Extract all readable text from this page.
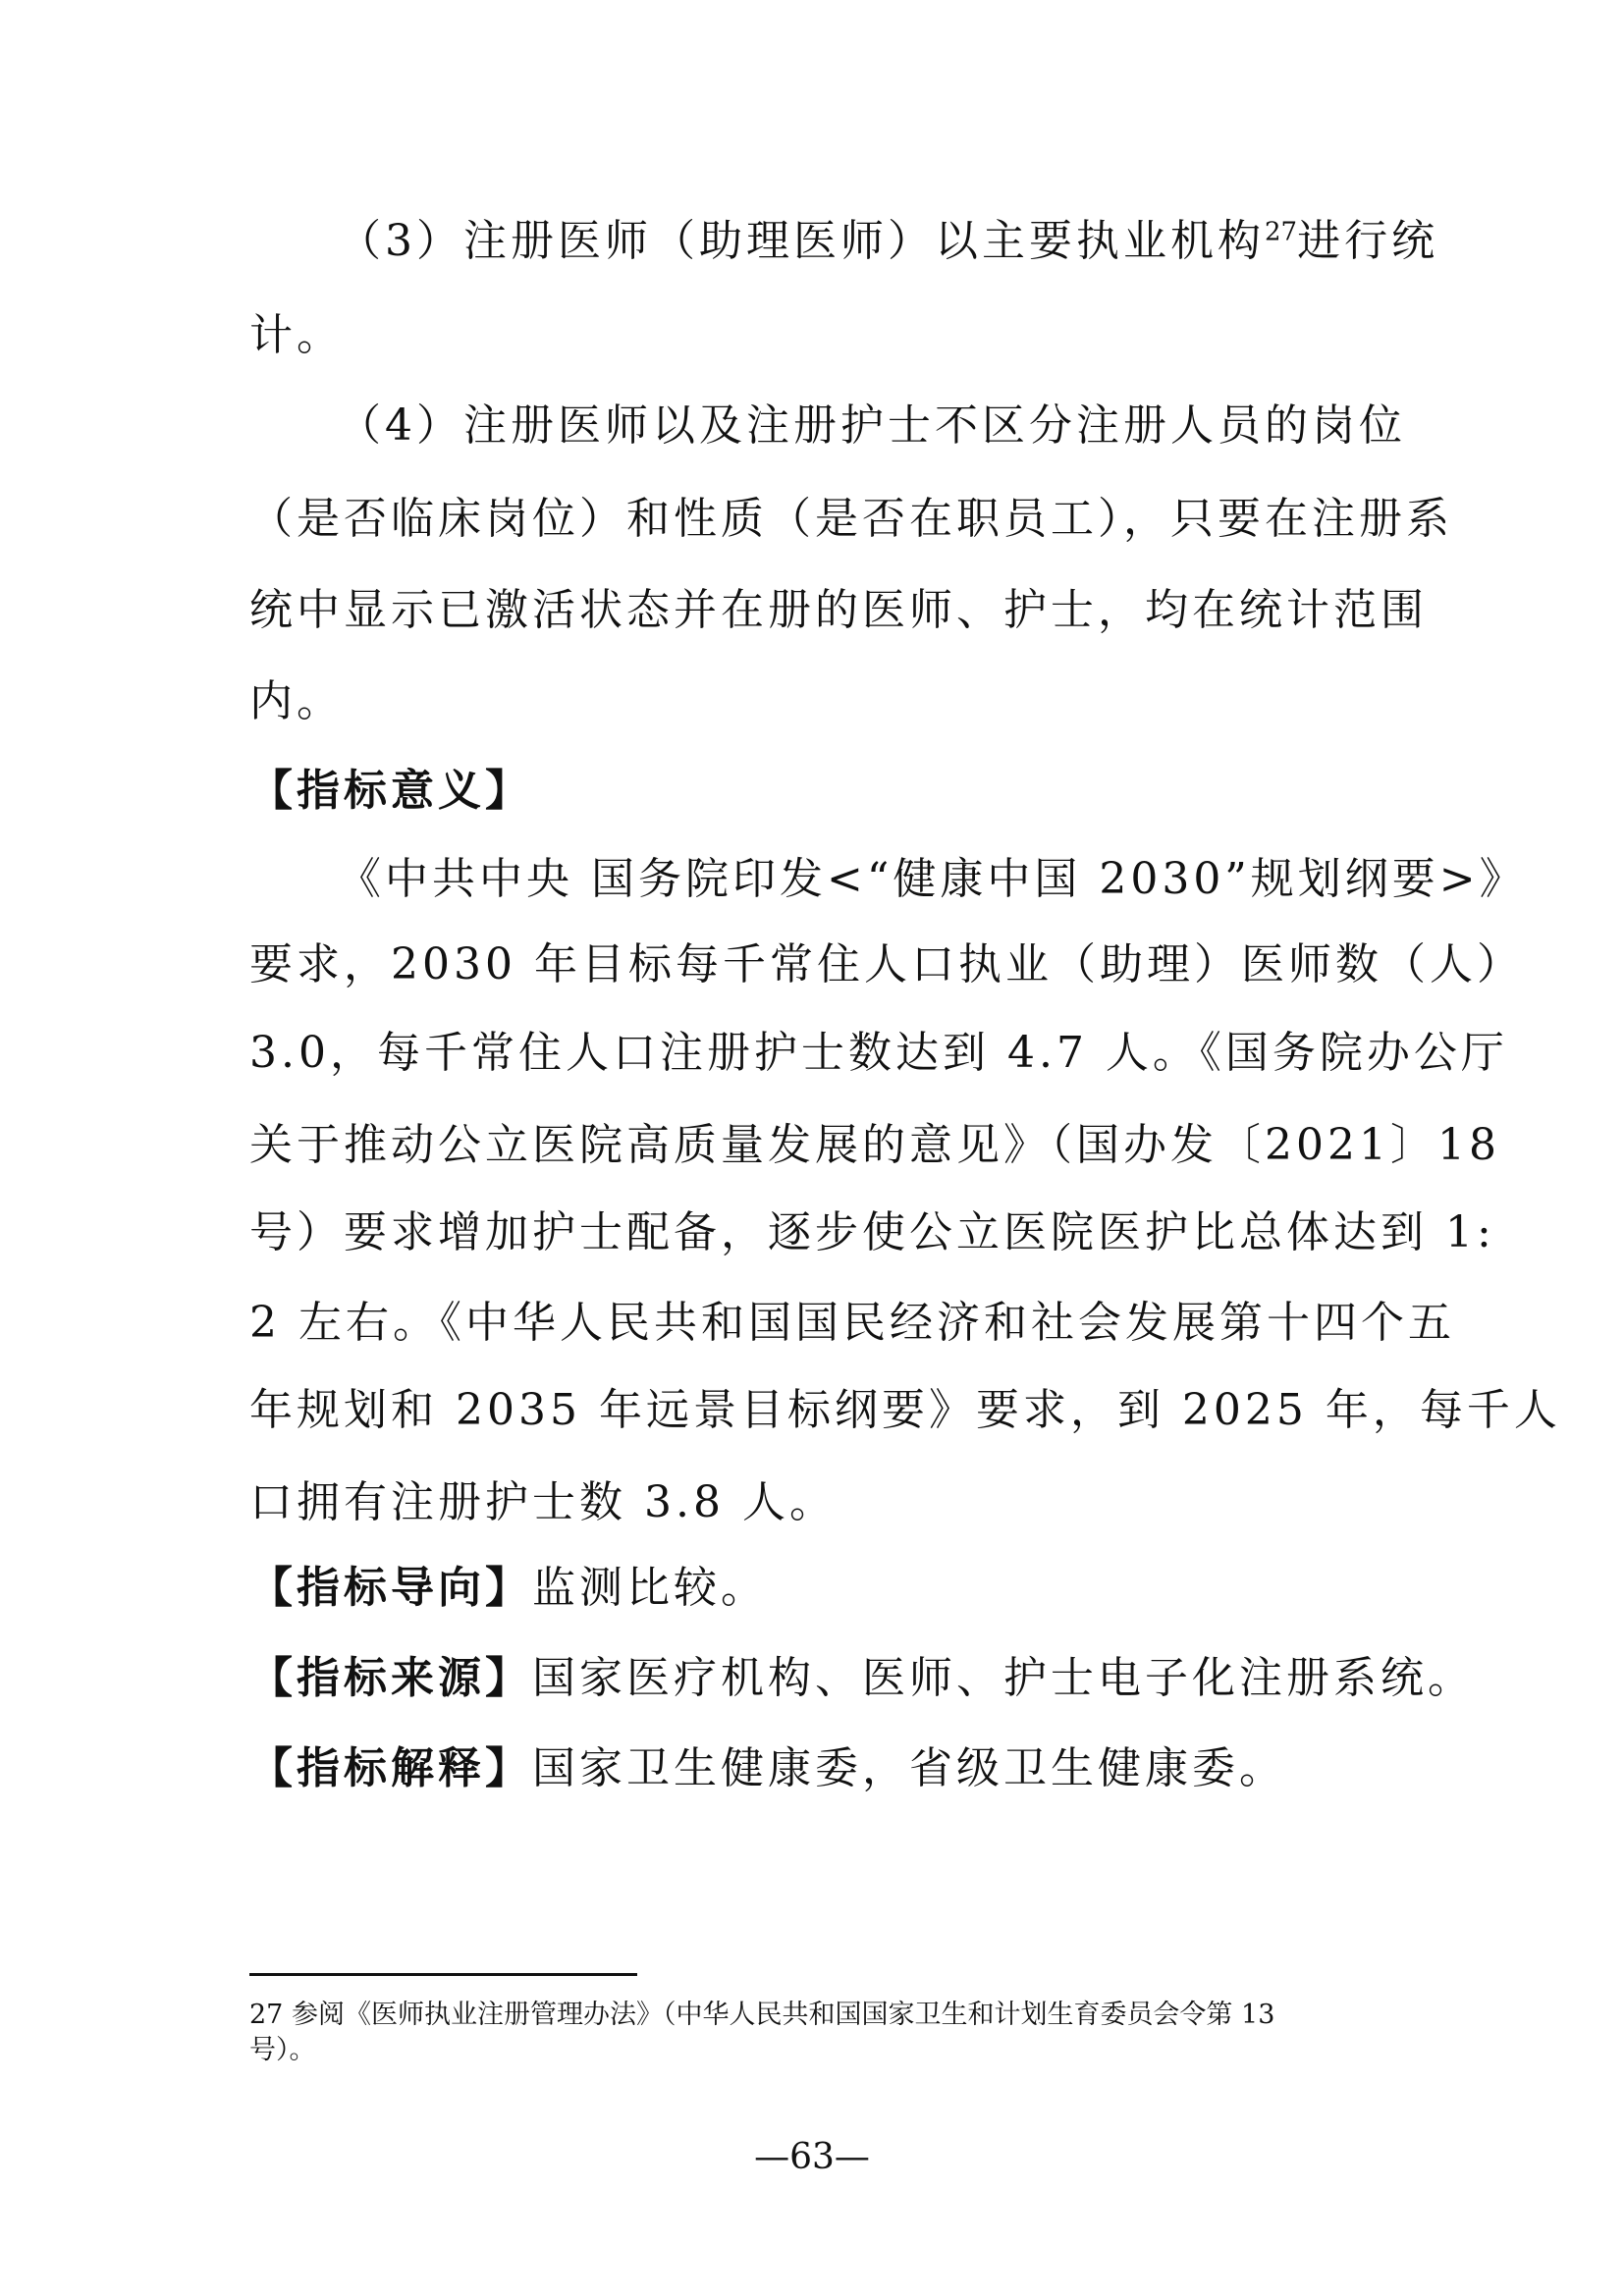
（3）注册医师（助理医师）以主要执业机构$^{27}$进行统
计。
（4）注册医师以及注册护士不区分注册人员的岗位
（是否临床岗位）和性质（是否在职员工），只要在注册系
统中显示已激活状态并在册的医师、护士，均在统计范围
内。
【指标意义】
《中共中央 国务院印发<“健康中国 2030”规划纲要>》
要求，2030 年目标每千常住人口执业（助理）医师数（人）
3.0，每千常住人口注册护士数达到 4.7 人。《国务院办公厅
关于推动公立医院高质量发展的意见》（国办发〔2021〕18
号）要求增加护士配备，逐步使公立医院医护比总体达到 1:
2 左右。《中华人民共和国国民经济和社会发展第十四个五
年规划和 2035 年远景目标纲要》要求，到 2025 年，每千人
口拥有注册护士数 3.8 人。
【指标导向】监测比较。
【指标来源】国家医疗机构、医师、护士电子化注册系统。
【指标解释】国家卫生健康委，省级卫生健康委。
27 参阅《医师执业注册管理办法》（中华人民共和国国家卫生和计划生育委员会令第 13
号）。
—63—
